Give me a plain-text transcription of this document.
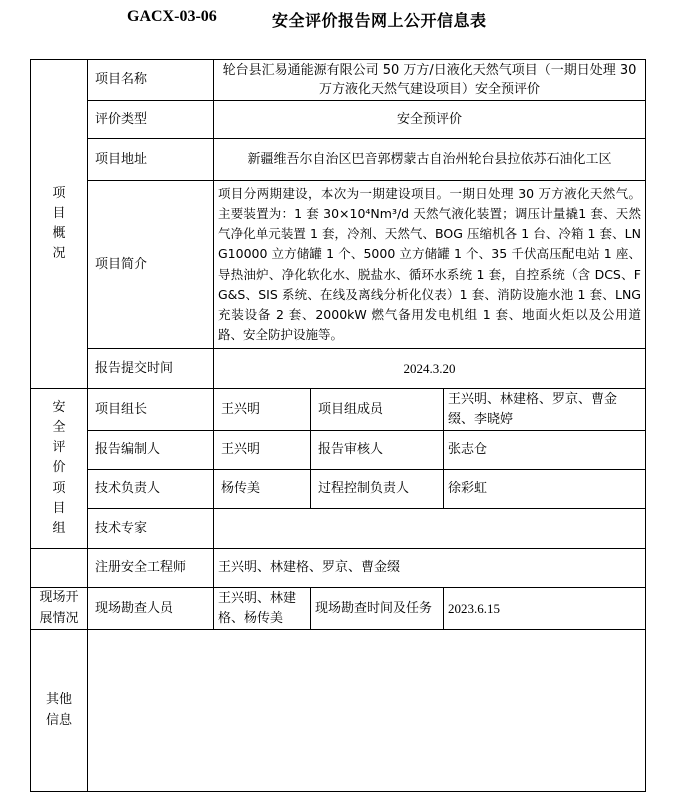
GACX-03-06	安全评价报告网上公开信息表
项目概况	项目名称	轮台县汇易通能源有限公司 50 万方/日液化天然气项目（一期日处理 30 万方液化天然气建设项目）安全预评价		
	评价类型	安全预评价		
	项目地址	新疆维吾尔自治区巴音郭楞蒙古自治州轮台县拉依苏石油化工区		
	项目简介	项目分两期建设，本次为一期建设项目。一期日处理 30 万方液化天然气。主要装置为：1 套 30×10⁴Nm³/d 天然气液化装置；调压计量撬1 套、天然气净化单元装置 1 套，冷剂、天然气、BOG 压缩机各 1 台、冷箱 1 套、LNG10000 立方储罐 1 个、5000 立方储罐 1 个、35 千伏高压配电站 1 座、导热油炉、净化软化水、脱盐水、循环水系统 1 套，自控系统（含 DCS、FG&S、SIS 系统、在线及离线分析化仪表）1 套、消防设施水池 1 套、LNG 充装设备 2 套、2000kW 燃气备用发电机组 1 套、地面火炬以及公用道路、安全防护设施等。		
	报告提交时间	2024.3.20		
安全评价项目组	项目组长	王兴明	项目组成员	王兴明、林建格、罗京、曹金缀、李晓婷
	报告编制人	王兴明	报告审核人	张志仓
	技术负责人	杨传美	过程控制负责人	徐彩虹
	技术专家			
	注册安全工程师	王兴明、林建格、罗京、曹金缀		
现场开展情况	现场勘查人员	王兴明、林建格、杨传美	现场勘查时间及任务	2023.6.15
其他信息				
